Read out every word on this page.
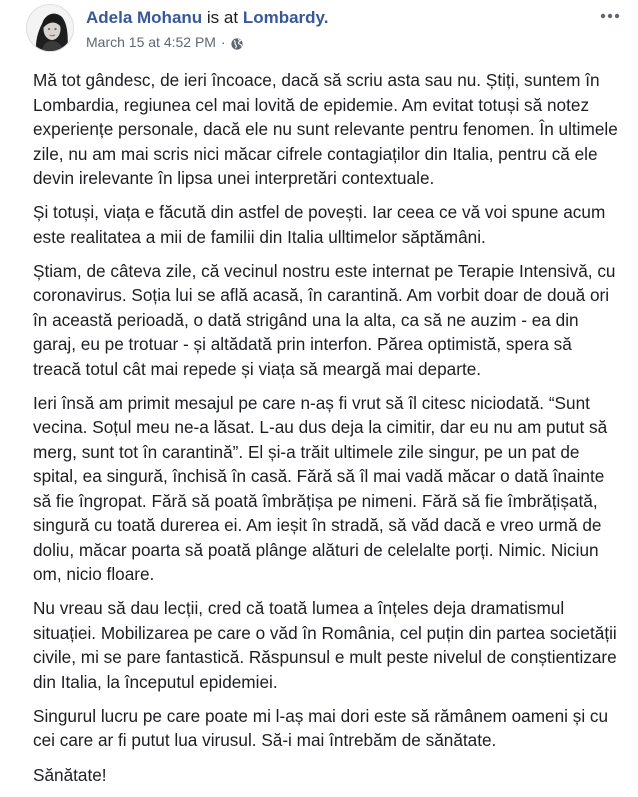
Adela Mohanu is at Lombardy.
March 15 at 4:52 PM ·

Mă tot gândesc, de ieri încoace, dacă să scriu asta sau nu. Știți, suntem în Lombardia, regiunea cel mai lovită de epidemie. Am evitat totuși să notez experiențe personale, dacă ele nu sunt relevante pentru fenomen. În ultimele zile, nu am mai scris nici măcar cifrele contagiaților din Italia, pentru că ele devin irelevante în lipsa unei interpretări contextuale.

Și totuși, viața e făcută din astfel de povești. Iar ceea ce vă voi spune acum este realitatea a mii de familii din Italia ulltimelor săptămâni.

Știam, de câteva zile, că vecinul nostru este internat pe Terapie Intensivă, cu coronavirus. Soția lui se află acasă, în carantină. Am vorbit doar de două ori în această perioadă, o dată strigând una la alta, ca să ne auzim - ea din garaj, eu pe trotuar - și altădată prin interfon. Părea optimistă, spera să treacă totul cât mai repede și viața să meargă mai departe.

Ieri însă am primit mesajul pe care n-aș fi vrut să îl citesc niciodată. “Sunt vecina. Soțul meu ne-a lăsat. L-au dus deja la cimitir, dar eu nu am putut să merg, sunt tot în carantină”. El și-a trăit ultimele zile singur, pe un pat de spital, ea singură, închisă în casă. Fără să îl mai vadă măcar o dată înainte să fie îngropat. Fără să poată îmbrățișa pe nimeni. Fără să fie îmbrățișată, singură cu toată durerea ei. Am ieșit în stradă, să văd dacă e vreo urmă de doliu, măcar poarta să poată plânge alături de celelalte porți. Nimic. Niciun om, nicio floare.

Nu vreau să dau lecții, cred că toată lumea a înțeles deja dramatismul situației. Mobilizarea pe care o văd în România, cel puțin din partea societății civile, mi se pare fantastică. Răspunsul e mult peste nivelul de conștientizare din Italia, la începutul epidemiei.

Singurul lucru pe care poate mi l-aș mai dori este să rămânem oameni și cu cei care ar fi putut lua virusul. Să-i mai întrebăm de sănătate.

Sănătate!
